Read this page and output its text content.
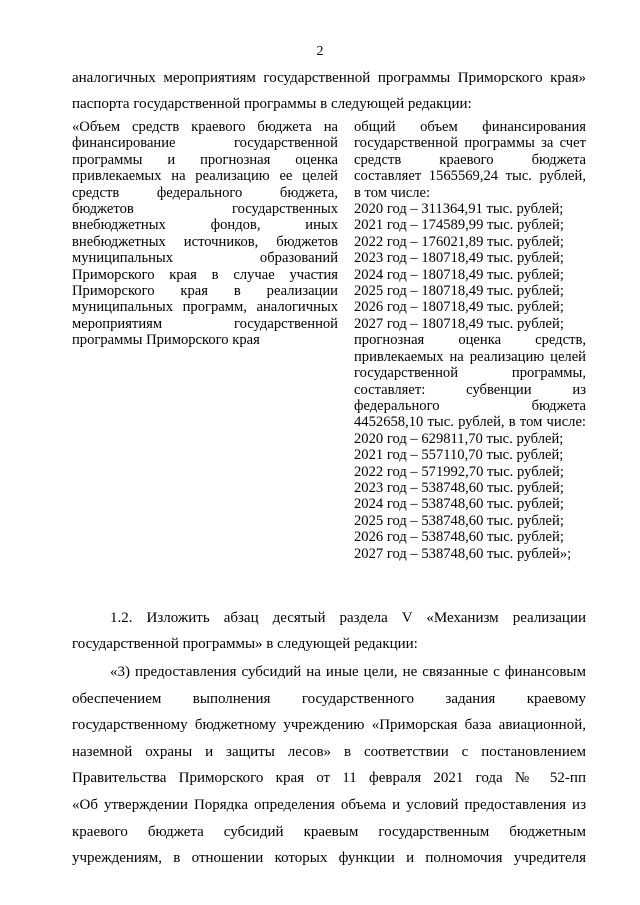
2
аналогичных мероприятиям государственной программы Приморского края»
паспорта государственной программы в следующей редакции:
«Объем средств краевого бюджета на
финансирование государственной
программы и прогнозная оценка
привлекаемых на реализацию ее целей
средств федерального бюджета,
бюджетов государственных
внебюджетных фондов, иных
внебюджетных источников, бюджетов
муниципальных образований
Приморского края в случае участия
Приморского края в реализации
муниципальных программ, аналогичных
мероприятиям государственной
программы Приморского края
общий объем финансирования
государственной программы за счет
средств краевого бюджета
составляет 1565569,24 тыс. рублей,
в том числе:
2020 год – 311364,91 тыс. рублей;
2021 год – 174589,99 тыс. рублей;
2022 год – 176021,89 тыс. рублей;
2023 год – 180718,49 тыс. рублей;
2024 год – 180718,49 тыс. рублей;
2025 год – 180718,49 тыс. рублей;
2026 год – 180718,49 тыс. рублей;
2027 год – 180718,49 тыс. рублей;
прогнозная оценка средств,
привлекаемых на реализацию целей
государственной программы,
составляет: субвенции из
федерального бюджета
4452658,10 тыс. рублей, в том числе:
2020 год – 629811,70 тыс. рублей;
2021 год – 557110,70 тыс. рублей;
2022 год – 571992,70 тыс. рублей;
2023 год – 538748,60 тыс. рублей;
2024 год – 538748,60 тыс. рублей;
2025 год – 538748,60 тыс. рублей;
2026 год – 538748,60 тыс. рублей;
2027 год – 538748,60 тыс. рублей»;
1.2. Изложить абзац десятый раздела V «Механизм реализации
государственной программы» в следующей редакции:
«3) предоставления субсидий на иные цели, не связанные с финансовым
обеспечением выполнения государственного задания краевому
государственному бюджетному учреждению «Приморская база авиационной,
наземной охраны и защиты лесов» в соответствии с постановлением
Правительства Приморского края от 11 февраля 2021 года № 52-пп
«Об утверждении Порядка определения объема и условий предоставления из
краевого бюджета субсидий краевым государственным бюджетным
учреждениям, в отношении которых функции и полномочия учредителя
